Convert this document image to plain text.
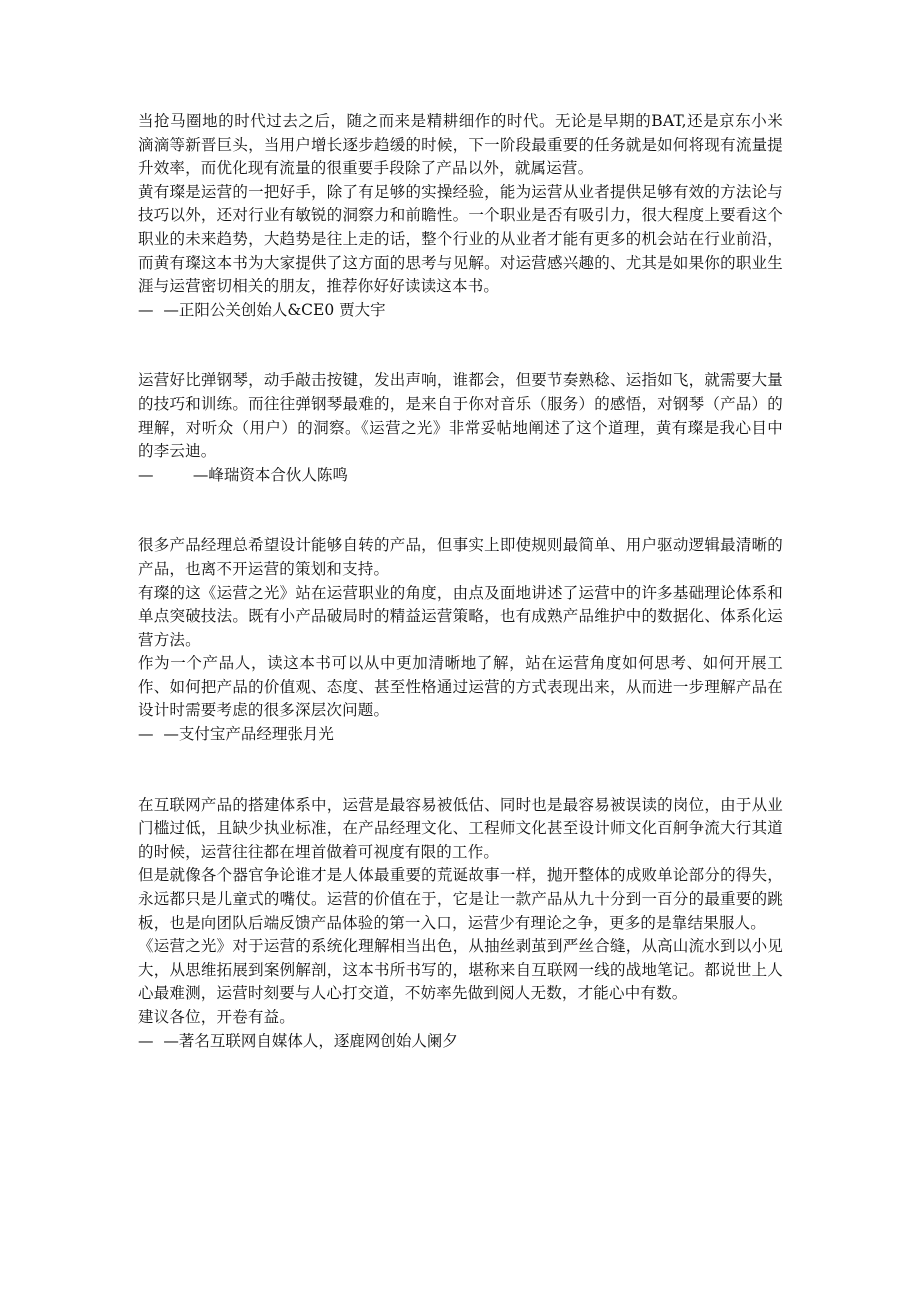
当抢马圈地的时代过去之后，随之而来是精耕细作的时代。无论是早期的BAT,还是京东小米滴滴等新晋巨头，当用户增长逐步趋缓的时候，下一阶段最重要的任务就是如何将现有流量提升效率，而优化现有流量的很重要手段除了产品以外，就属运营。

黄有璨是运营的一把好手，除了有足够的实操经验，能为运营从业者提供足够有效的方法论与技巧以外，还对行业有敏锐的洞察力和前瞻性。一个职业是否有吸引力，很大程度上要看这个职业的未来趋势，大趋势是往上走的话，整个行业的从业者才能有更多的机会站在行业前沿，而黄有璨这本书为大家提供了这方面的思考与见解。对运营感兴趣的、尤其是如果你的职业生涯与运营密切相关的朋友，推荐你好好读读这本书。

—  —正阳公关创始人&CE0 贾大宇

运营好比弹钢琴，动手敲击按键，发出声响，谁都会，但要节奏熟稔、运指如飞，就需要大量的技巧和训练。而往往弹钢琴最难的，是来自于你对音乐（服务）的感悟，对钢琴（产品）的理解，对听众（用户）的洞察。《运营之光》非常妥帖地阐述了这个道理，黄有璨是我心目中的李云迪。

—        —峰瑞资本合伙人陈鸣

很多产品经理总希望设计能够自转的产品，但事实上即使规则最简单、用户驱动逻辑最清晰的产品，也离不开运营的策划和支持。

有璨的这《运营之光》站在运营职业的角度，由点及面地讲述了运营中的许多基础理论体系和单点突破技法。既有小产品破局时的精益运营策略，也有成熟产品维护中的数据化、体系化运营方法。

作为一个产品人，读这本书可以从中更加清晰地了解，站在运营角度如何思考、如何开展工作、如何把产品的价值观、态度、甚至性格通过运营的方式表现出来，从而进一步理解产品在设计时需要考虑的很多深层次问题。

—  —支付宝产品经理张月光

在互联网产品的搭建体系中，运营是最容易被低估、同时也是最容易被误读的岗位，由于从业门槛过低，且缺少执业标准，在产品经理文化、工程师文化甚至设计师文化百舸争流大行其道的时候，运营往往都在埋首做着可视度有限的工作。

但是就像各个器官争论谁才是人体最重要的荒诞故事一样，抛开整体的成败单论部分的得失，永远都只是儿童式的嘴仗。运营的价值在于，它是让一款产品从九十分到一百分的最重要的跳板，也是向团队后端反馈产品体验的第一入口，运营少有理论之争，更多的是靠结果服人。

《运营之光》对于运营的系统化理解相当出色，从抽丝剥茧到严丝合缝，从高山流水到以小见大，从思维拓展到案例解剖，这本书所书写的，堪称来自互联网一线的战地笔记。都说世上人心最难测，运营时刻要与人心打交道，不妨率先做到阅人无数，才能心中有数。

建议各位，开卷有益。

—  —著名互联网自媒体人，逐鹿网创始人阑夕
